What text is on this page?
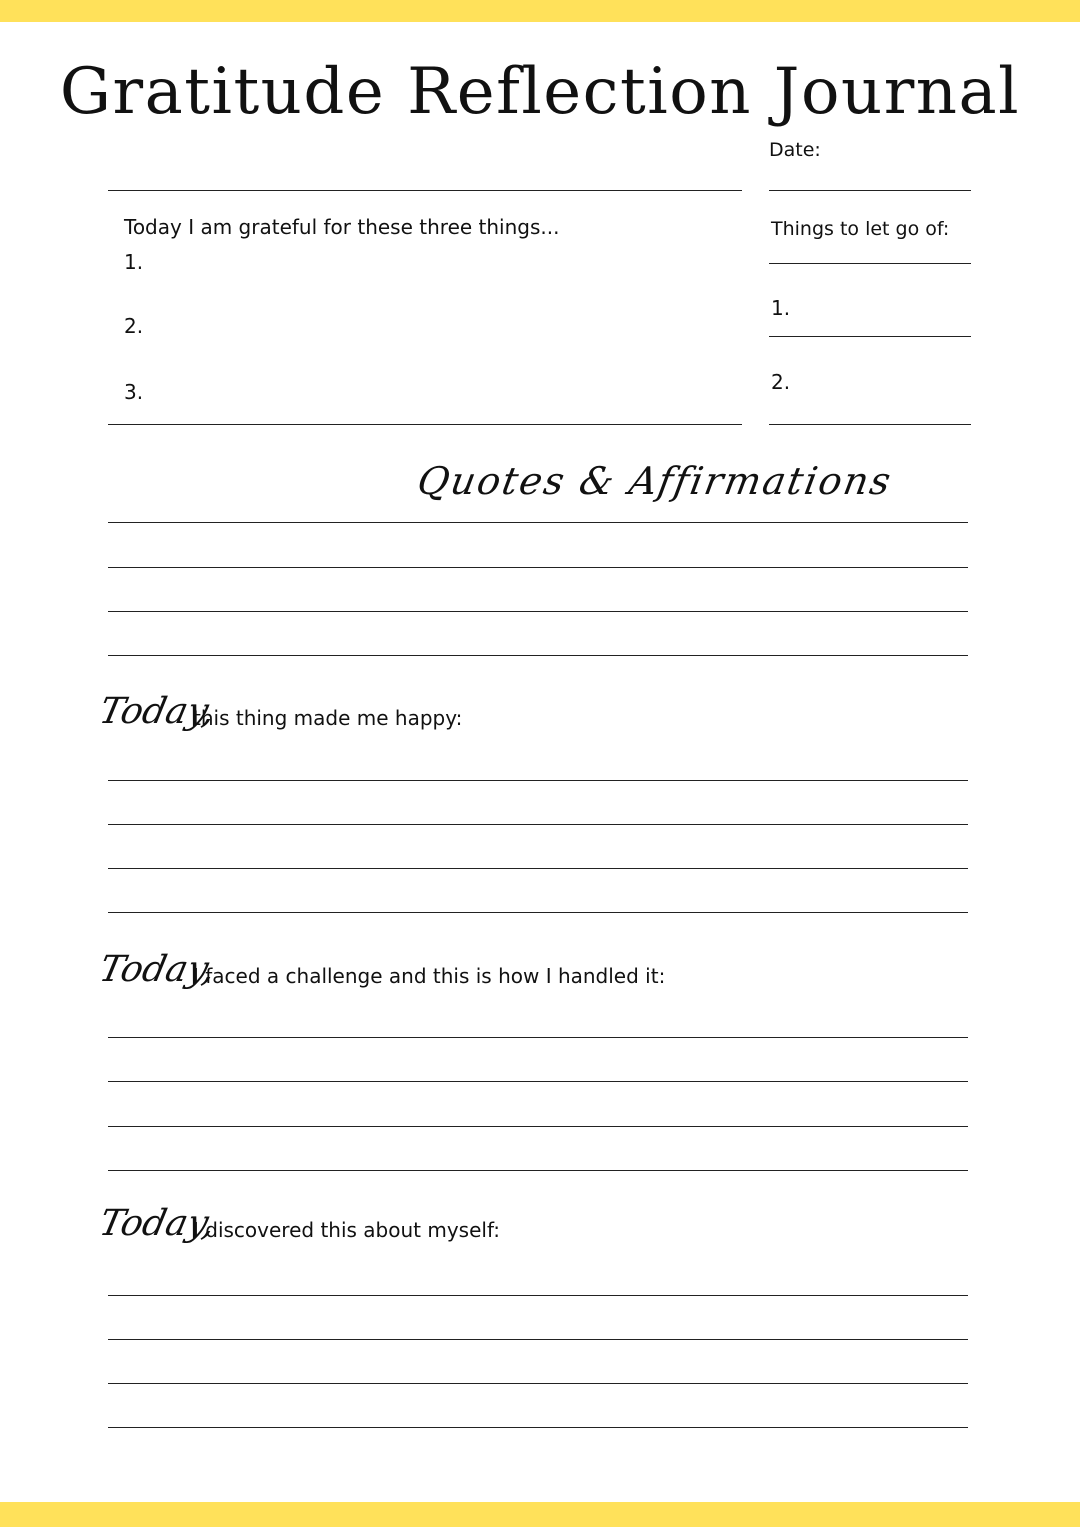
Gratitude Reflection Journal
Date:
Today I am grateful for these three things...
1.
2.
3.
Things to let go of:
1.
2.
Quotes & Affirmations
Today,
this thing made me happy:
Today,
I faced a challenge and this is how I handled it:
Today,
I discovered this about myself:
